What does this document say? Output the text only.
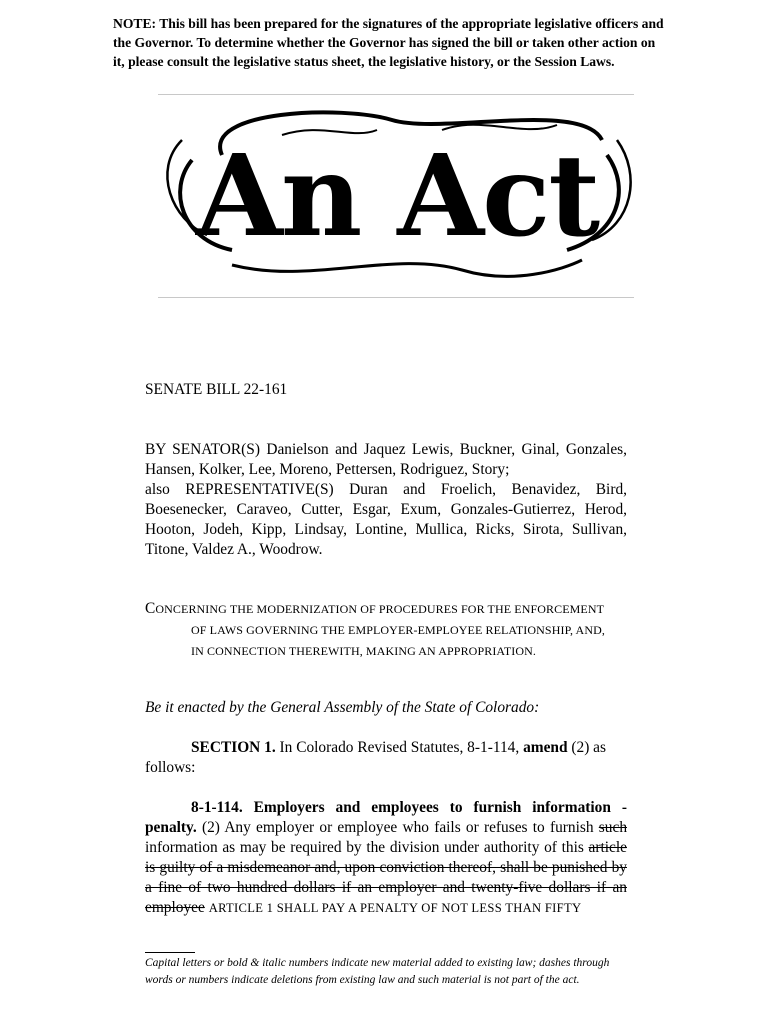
NOTE: This bill has been prepared for the signatures of the appropriate legislative officers and the Governor. To determine whether the Governor has signed the bill or taken other action on it, please consult the legislative status sheet, the legislative history, or the Session Laws.
An Act
SENATE BILL 22-161
BY SENATOR(S) Danielson and Jaquez Lewis, Buckner, Ginal, Gonzales, Hansen, Kolker, Lee, Moreno, Pettersen, Rodriguez, Story;
also REPRESENTATIVE(S) Duran and Froelich, Benavidez, Bird, Boesenecker, Caraveo, Cutter, Esgar, Exum, Gonzales-Gutierrez, Herod, Hooton, Jodeh, Kipp, Lindsay, Lontine, Mullica, Ricks, Sirota, Sullivan, Titone, Valdez A., Woodrow.
CONCERNING THE MODERNIZATION OF PROCEDURES FOR THE ENFORCEMENT
OF LAWS GOVERNING THE EMPLOYER-EMPLOYEE RELATIONSHIP, AND,
IN CONNECTION THEREWITH, MAKING AN APPROPRIATION.
Be it enacted by the General Assembly of the State of Colorado:
SECTION 1. In Colorado Revised Statutes, 8-1-114, amend (2) as follows:
8-1-114. Employers and employees to furnish information - penalty. (2) Any employer or employee who fails or refuses to furnish such information as may be required by the division under authority of this article is guilty of a misdemeanor and, upon conviction thereof, shall be punished by a fine of two hundred dollars if an employer and twenty-five dollars if an employee ARTICLE 1 SHALL PAY A PENALTY OF NOT LESS THAN FIFTY
Capital letters or bold & italic numbers indicate new material added to existing law; dashes through words or numbers indicate deletions from existing law and such material is not part of the act.
